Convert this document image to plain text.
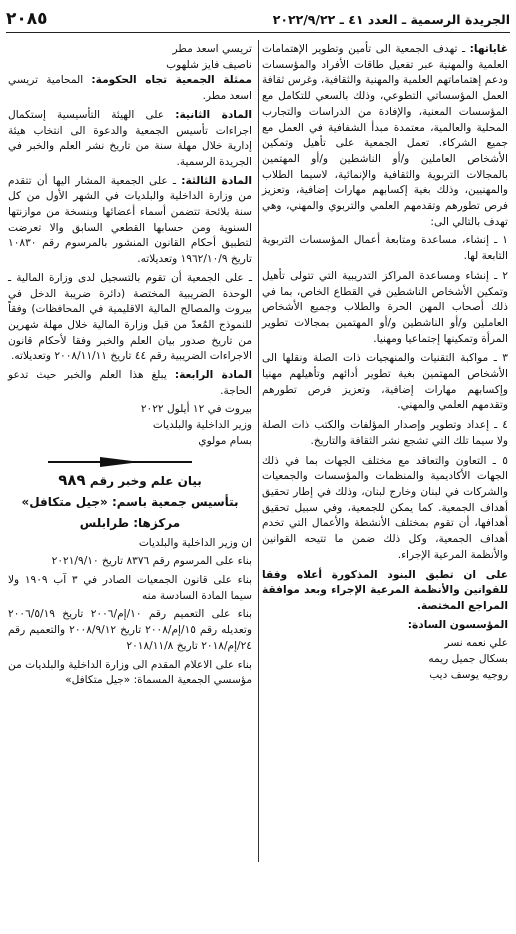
الجريدة الرسمية ـ العدد ٤١ ـ ٢٠٢٢/٩/٢٢
٢٠٨٥

غاياتها: ـ تهدف الجمعية الى تأمين وتطوير الإهتمامات العلمية والمهنية عبر تفعيل طاقات الأفراد والمؤسسات ودعم إهتماماتهم العلمية والمهنية والثقافية، وغرس ثقافة العمل المؤسساتي التطوعي، وذلك بالسعي للتكامل مع المؤسسات المعنية، والإفادة من الدراسات والتجارب المحلية والعالمية، معتمدة مبدأ الشفافية في العمل مع جميع الشركاء. تعمل الجمعية على تأهيل وتمكين الأشخاص العاملين و/أو الناشطين و/أو المهتمين بالمجالات التربوية والثقافية والإنمائية، لاسيما الطلاب والمهنيين، وذلك بغية إكسابهم مهارات إضافية، وتعزيز فرص تطورهم وتقدمهم العلمي والتربوي والمهني، وهي تهدف بالتالي الى:

١ ـ إنشاء، مساعدة ومتابعة أعمال المؤسسات التربوية التابعة لها.

٢ ـ إنشاء ومساعدة المراكز التدريبية التي تتولى تأهيل وتمكين الأشخاص الناشطين في القطاع الخاص، بما في ذلك أصحاب المهن الحرة والطلاب وجميع الأشخاص العاملين و/أو الناشطين و/أو المهتمين بمجالات تطوير المرأة وتمكينها إجتماعيا ومهنيا.

٣ ـ مواكبة التقنيات والمنهجيات ذات الصلة ونقلها الى الأشخاص المهتمين بغية تطوير أدائهم وتأهيلهم مهنيا وإكسابهم مهارات إضافية، وتعزيز فرص تطورهم وتقدمهم العلمي والمهني.

٤ ـ إعداد وتطوير وإصدار المؤلفات والكتب ذات الصلة ولا سيما تلك التي تشجع نشر الثقافة والتاريخ.

٥ ـ التعاون والتعاقد مع مختلف الجهات بما في ذلك الجهات الأكاديمية والمنظمات والمؤسسات والجمعيات والشركات في لبنان وخارج لبنان، وذلك في إطار تحقيق أهداف الجمعية. كما يمكن للجمعية، وفي سبيل تحقيق أهدافها، أن تقوم بمختلف الأنشطة والأعمال التي تخدم أهداف الجمعية، وكل ذلك ضمن ما تتيحه القوانين والأنظمة المرعية الإجراء.

على ان تطبق البنود المذكورة أعلاه وفقا للقوانين والأنظمة المرعية الإجراء وبعد موافقة المراجع المختصة.

المؤسسون السادة:

علي نعمه نسر

بسكال جميل ريمه

روجيه يوسف ديب

تريسي اسعد مطر

ناصيف فايز شلهوب

ممثلة الجمعية تجاه الحكومة: المحامية تريسي اسعد مطر.

المادة الثانية: على الهيئة التأسيسية إستكمال اجراءات تأسيس الجمعية والدعوة الى انتخاب هيئة إدارية خلال مهلة سنة من تاريخ نشر العلم والخبر في الجريدة الرسمية.

المادة الثالثة: ـ على الجمعية المشار اليها أن تتقدم من وزارة الداخلية والبلديات في الشهر الأول من كل سنة بلائحة تتضمن أسماء أعضائها وبنسخة من موازنتها السنوية ومن حسابها القطعي السابق والا تعرضت لتطبيق أحكام القانون المنشور بالمرسوم رقم ١٠٨٣٠ تاريخ ١٩٦٢/١٠/٩ وتعديلاته.

ـ على الجمعية أن تقوم بالتسجيل لدى وزارة المالية ـ الوحدة الضريبية المختصة (دائرة ضريبة الدخل في بيروت والمصالح المالية الاقليمية في المحافظات) وفقاً للنموذج المُعدّ من قبل وزارة المالية خلال مهلة شهرين من تاريخ صدور بيان العلم والخبر وفقا لأحكام قانون الاجراءات الضريبية رقم ٤٤ تاريخ ٢٠٠٨/١١/١١ وتعديلاته.

المادة الرابعة: يبلغ هذا العلم والخبر حيث تدعو الحاجة.

بيروت في ١٢ أيلول ٢٠٢٢

وزير الداخلية والبلديات

بسام مولوي

بيان علم وخبر رقم ٩٨٩
بتأسيس جمعية باسم: «جيل متكافل»
مركزها: طرابلس

ان وزير الداخلية والبلديات

بناء على المرسوم رقم ٨٣٧٦ تاريخ ٢٠٢١/٩/١٠

بناء على قانون الجمعيات الصادر في ٣ آب ١٩٠٩ ولا سيما المادة السادسة منه

بناء على التعميم رقم ١٠/إم/٢٠٠٦ تاريخ ٢٠٠٦/٥/١٩ وتعديله رقم ١٥/إم/٢٠٠٨ تاريخ ٢٠٠٨/٩/١٢ والتعميم رقم ٢٤/إم/٢٠١٨ تاريخ ٢٠١٨/١١/٨

بناء على الاعلام المقدم الى وزارة الداخلية والبلديات من مؤسسي الجمعية المسماة: «جيل متكافل»
